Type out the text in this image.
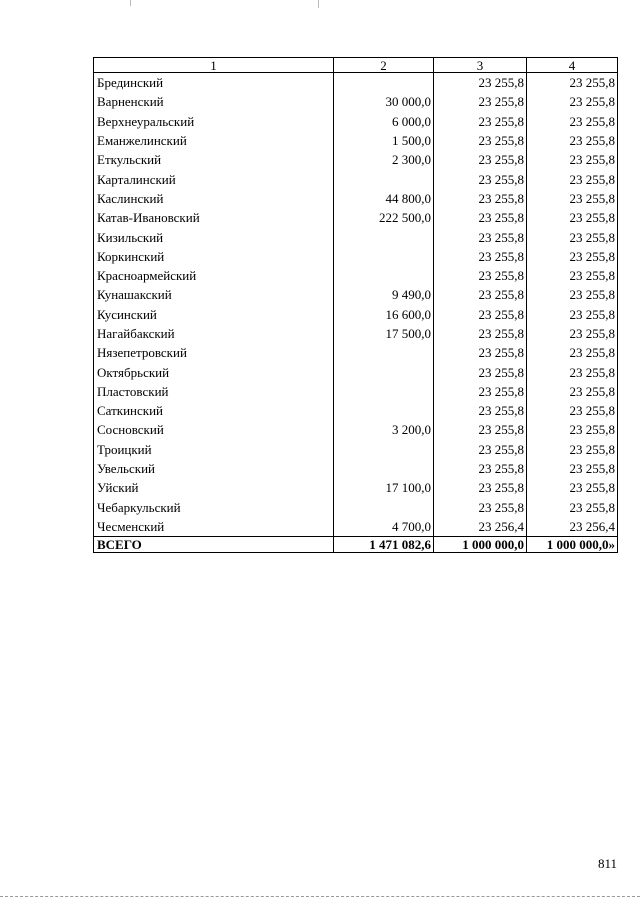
1	2	3	4
Брединский		23 255,8	23 255,8
Варненский	30 000,0	23 255,8	23 255,8
Верхнеуральский	6 000,0	23 255,8	23 255,8
Еманжелинский	1 500,0	23 255,8	23 255,8
Еткульский	2 300,0	23 255,8	23 255,8
Карталинский		23 255,8	23 255,8
Каслинский	44 800,0	23 255,8	23 255,8
Катав-Ивановский	222 500,0	23 255,8	23 255,8
Кизильский		23 255,8	23 255,8
Коркинский		23 255,8	23 255,8
Красноармейский		23 255,8	23 255,8
Кунашакский	9 490,0	23 255,8	23 255,8
Кусинский	16 600,0	23 255,8	23 255,8
Нагайбакский	17 500,0	23 255,8	23 255,8
Нязепетровский		23 255,8	23 255,8
Октябрьский		23 255,8	23 255,8
Пластовский		23 255,8	23 255,8
Саткинский		23 255,8	23 255,8
Сосновский	3 200,0	23 255,8	23 255,8
Троицкий		23 255,8	23 255,8
Увельский		23 255,8	23 255,8
Уйский	17 100,0	23 255,8	23 255,8
Чебаркульский		23 255,8	23 255,8
Чесменский	4 700,0	23 256,4	23 256,4
ВСЕГО	1 471 082,6	1 000 000,0	1 000 000,0»
811
